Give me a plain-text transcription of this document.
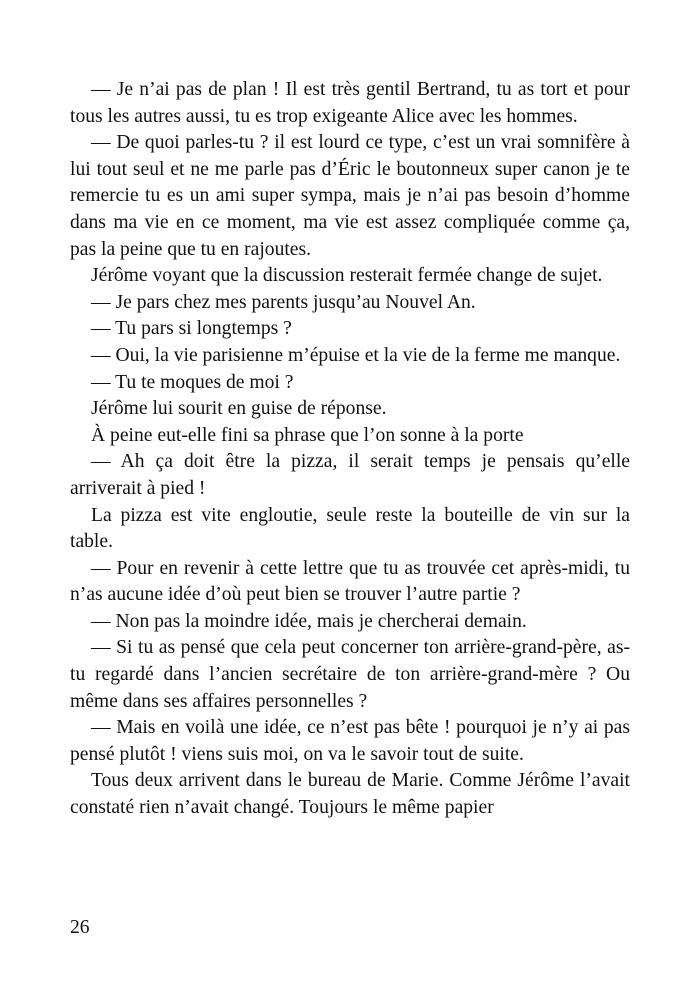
— Je n’ai pas de plan ! Il est très gentil Bertrand, tu as tort et pour tous les autres aussi, tu es trop exigeante Alice avec les hommes.

— De quoi parles-tu ? il est lourd ce type, c’est un vrai somnifère à lui tout seul et ne me parle pas d’Éric le boutonneux super canon je te remercie tu es un ami super sympa, mais je n’ai pas besoin d’homme dans ma vie en ce moment, ma vie est assez compliquée comme ça, pas la peine que tu en rajoutes.

Jérôme voyant que la discussion resterait fermée change de sujet.

— Je pars chez mes parents jusqu’au Nouvel An.

— Tu pars si longtemps ?

— Oui, la vie parisienne m’épuise et la vie de la ferme me manque.

— Tu te moques de moi ?

Jérôme lui sourit en guise de réponse.

À peine eut-elle fini sa phrase que l’on sonne à la porte

— Ah ça doit être la pizza, il serait temps je pensais qu’elle arriverait à pied !

La pizza est vite engloutie, seule reste la bouteille de vin sur la table.

— Pour en revenir à cette lettre que tu as trouvée cet après-midi, tu n’as aucune idée d’où peut bien se trouver l’autre partie ?

— Non pas la moindre idée, mais je chercherai demain.

— Si tu as pensé que cela peut concerner ton arrière-grand-père, as-tu regardé dans l’ancien secrétaire de ton arrière-grand-mère ? Ou même dans ses affaires personnelles ?

— Mais en voilà une idée, ce n’est pas bête ! pourquoi je n’y ai pas pensé plutôt ! viens suis moi, on va le savoir tout de suite.

Tous deux arrivent dans le bureau de Marie. Comme Jérôme l’avait constaté rien n’avait changé. Toujours le même papier

26
